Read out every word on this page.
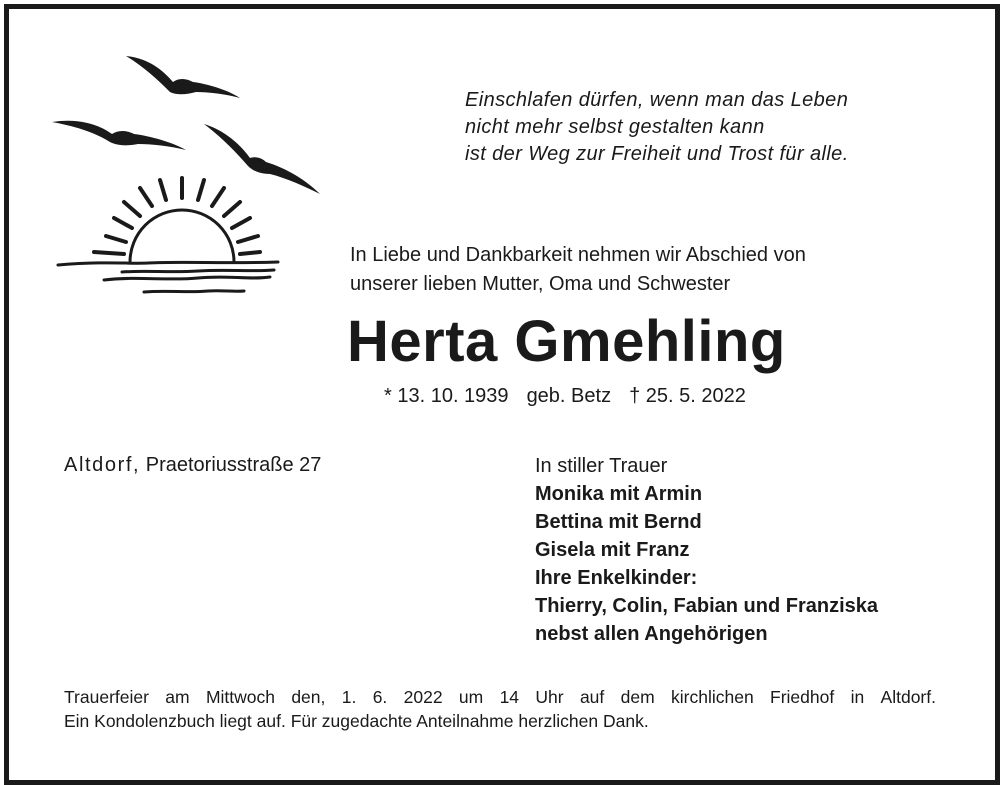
Einschlafen dürfen, wenn man das Leben
nicht mehr selbst gestalten kann
ist der Weg zur Freiheit und Trost für alle.
In Liebe und Dankbarkeit nehmen wir Abschied von
unserer lieben Mutter, Oma und Schwester
Herta Gmehling
* 13. 10. 1939 geb. Betz † 25. 5. 2022
Altdorf, Praetoriusstraße 27	In stiller Trauer
Monika mit Armin
Bettina mit Bernd
Gisela mit Franz
Ihre Enkelkinder:
Thierry, Colin, Fabian und Franziska
nebst allen Angehörigen
Trauerfeier am Mittwoch den, 1. 6. 2022 um 14 Uhr auf dem kirchlichen Friedhof in Altdorf.
Ein Kondolenzbuch liegt auf. Für zugedachte Anteilnahme herzlichen Dank.
